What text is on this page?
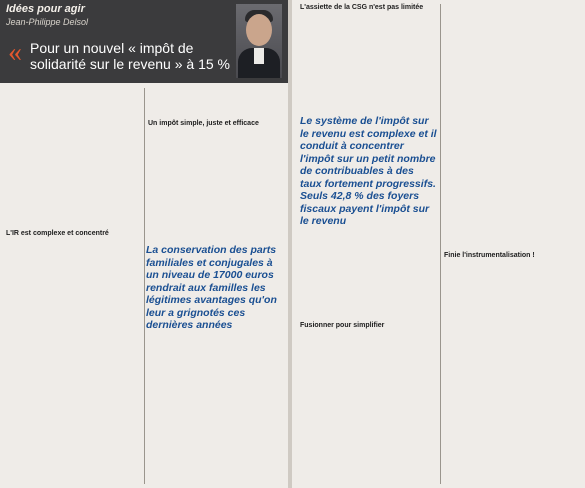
Idées pour agir
Jean-Philippe Delsol
« Pour un nouvel « impôt de solidarité sur le revenu » à 15 %
L'IR est complexe et concentré
Un impôt simple, juste et efficace
La conservation des parts familiales et conjugales à un niveau de 17000 euros rendrait aux familles les légitimes avantages qu'on leur a grignotés ces dernières années
L'assiette de la CSG n'est pas limitée
Le système de l'impôt sur le revenu est complexe et il conduit à concentrer l'impôt sur un petit nombre de contribuables à des taux fortement progressifs. Seuls 42,8 % des foyers fiscaux payent l'impôt sur le revenu
Fusionner pour simplifier
Finie l'instrumentalisation !
